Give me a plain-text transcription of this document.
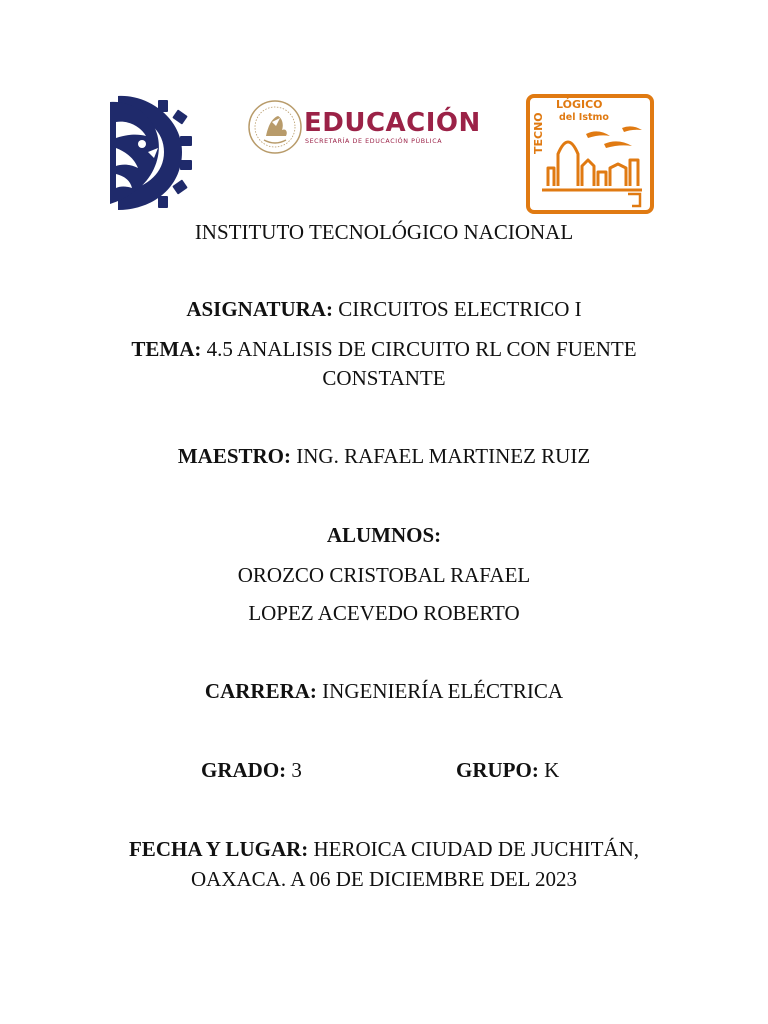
EDUCACIÓN
SECRETARÍA DE EDUCACIÓN PÚBLICA
LÓGICO
del Istmo
TECNO
INSTITUTO TECNOLÓGICO NACIONAL
ASIGNATURA: CIRCUITOS ELECTRICO I
TEMA: 4.5 ANALISIS DE CIRCUITO RL CON FUENTE
CONSTANTE
MAESTRO: ING. RAFAEL MARTINEZ RUIZ
ALUMNOS:
OROZCO CRISTOBAL RAFAEL
LOPEZ ACEVEDO ROBERTO
CARRERA: INGENIERÍA ELÉCTRICA
GRADO: 3	GRUPO: K
FECHA Y LUGAR: HEROICA CIUDAD DE JUCHITÁN,
OAXACA. A 06 DE DICIEMBRE DEL 2023
